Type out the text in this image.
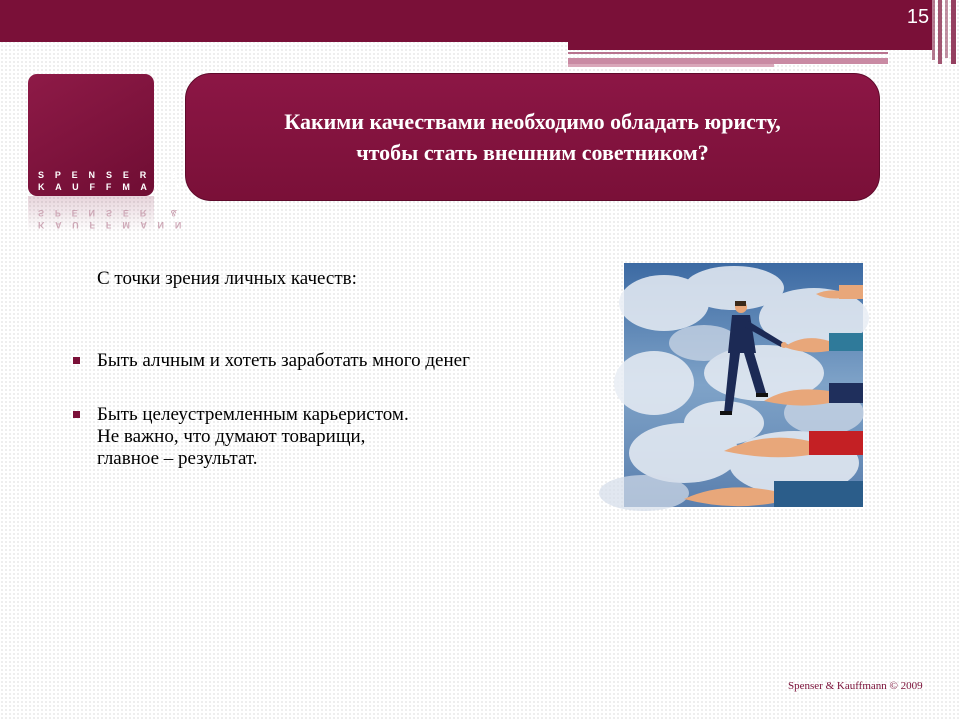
15
S P E N S E R   &
K A U F F M A N N
K A U F F M A N N
S P E N S E R   &
Какими качествами необходимо обладать юристу,
чтобы стать внешним советником?
С точки зрения личных качеств:
Быть алчным и хотеть заработать много денег
Быть целеустремленным карьеристом.
Не важно, что думают товарищи,
главное – результат.
Spenser & Kauffmann © 2009
